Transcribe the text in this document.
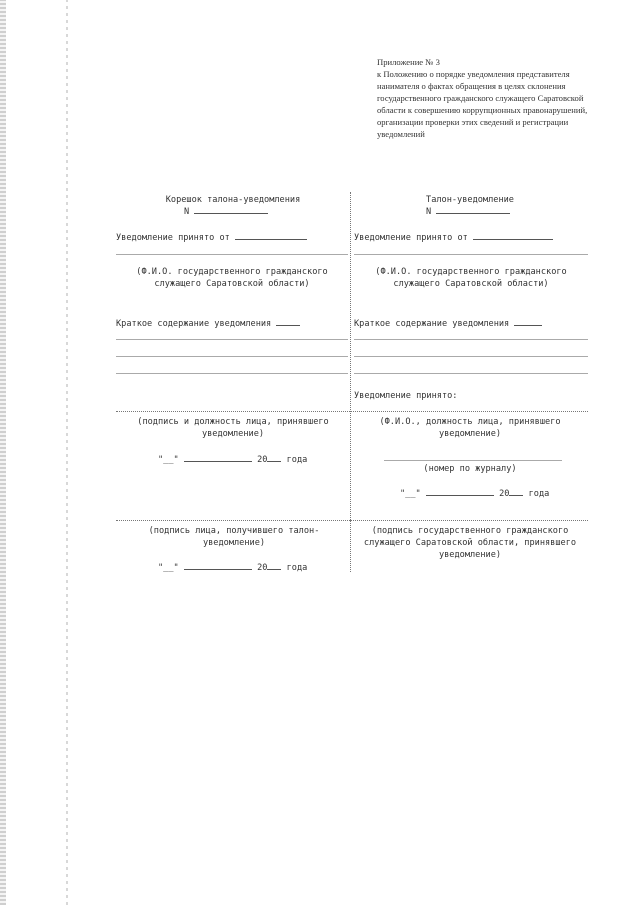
Приложение № 3
к Положению о порядке уведомления представителя нанимателя о фактах обращения в целях склонения государственного гражданского служащего Саратовской области к совершению коррупционных правонарушений, организации проверки этих сведений и регистрации уведомлений
Корешок талона-уведомления
N
Уведомление принято от
(Ф.И.О. государственного гражданского служащего Саратовской области)
Краткое содержание уведомления
(подпись и должность лица, принявшего уведомление)
"__"	20 года
(подпись лица, получившего талон-уведомление)
"__"	20 года
Талон-уведомление
N
Уведомление принято от
(Ф.И.О. государственного гражданского служащего Саратовской области)
Краткое содержание уведомления
Уведомление принято:
(Ф.И.О., должность лица, принявшего уведомление)
(номер по журналу)
"__"	20 года
(подпись государственного гражданского служащего Саратовской области, принявшего уведомление)
